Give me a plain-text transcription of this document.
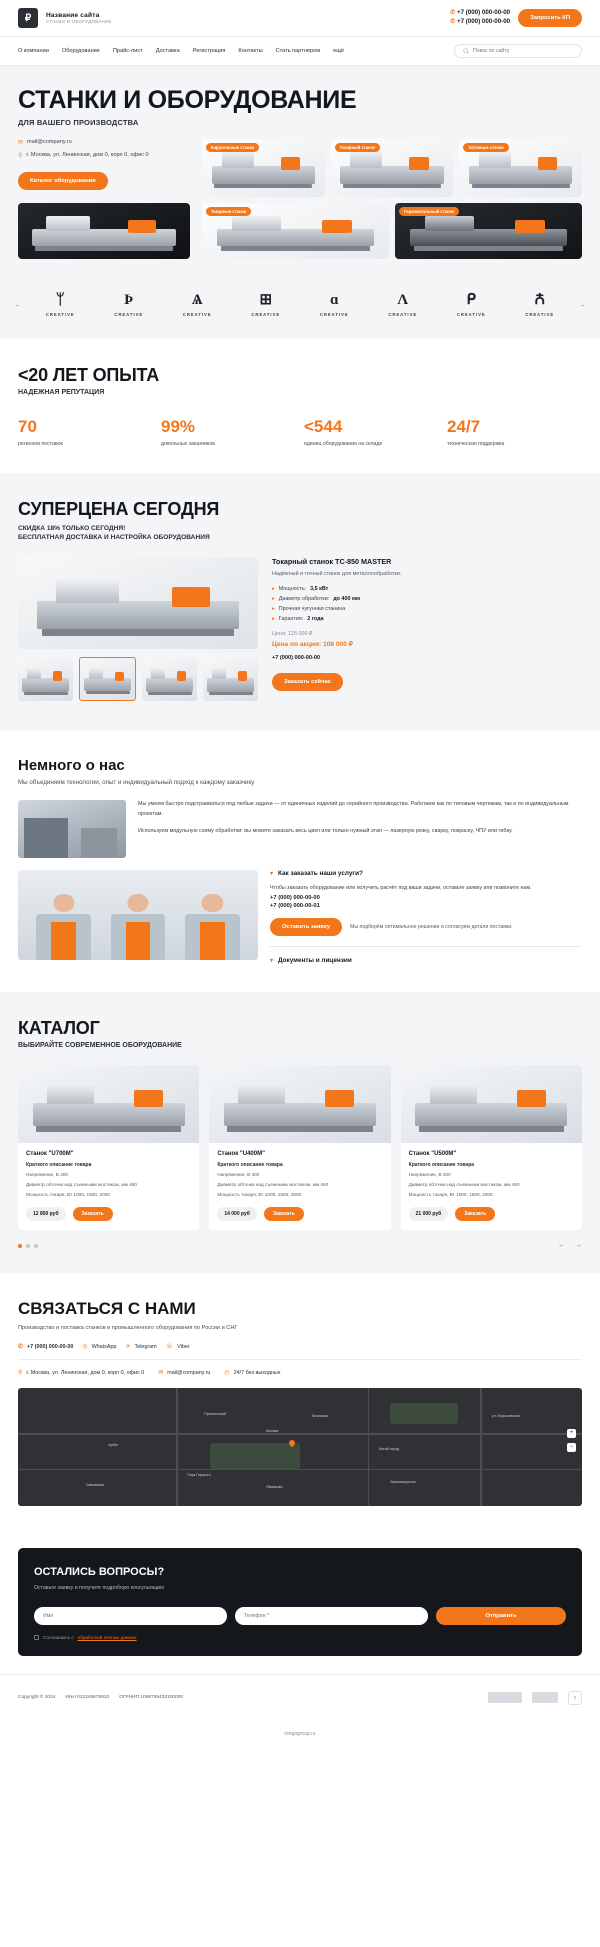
₽ Название сайта
СТАНКИ И ОБОРУДОВАНИЕ
✆ +7 (000) 000-00-00
✆ +7 (000) 000-00-00	Запросить КП
О компании Оборудование Прайс-лист Доставка Регистрация Контакты Стать партнером ещё
Поиск по сайту
СТАНКИ И ОБОРУДОВАНИЕ
ДЛЯ ВАШЕГО ПРОИЗВОДСТВА
✉ mail@company.ru
⚲ г. Москва, ул. Ленинская, дом 0, корп 0, офис 0
Каталог оборудования
Карусельные станки	Токарный станок	Заточные станки
Токарные станки	Горизонтальный станок
←	ᛘ
CREATIVE
Þ
CREATIVE
Ѧ
CREATIVE
⊞
CREATIVE
ɑ
CREATIVE
Λ
CREATIVE
ᑭ
CREATIVE
Ꙉ
CREATIVE
→
<20 ЛЕТ ОПЫТА
НАДЕЖНАЯ РЕПУТАЦИЯ
70
регионов поставок
99%
довольных заказчиков
<544
единиц оборудования на складе
24/7
техническая поддержка
СУПЕРЦЕНА СЕГОДНЯ
СКИДКА 18% ТОЛЬКО СЕГОДНЯ!
БЕСПЛАТНАЯ ДОСТАВКА И НАСТРОЙКА ОБОРУДОВАНИЯ
Токарный станок TC-850 MASTER
Надёжный и точный станок для металлообработки.
▸ Мощность: 3,5 кВт
▸ Диаметр обработки: до 400 мм
▸ Прочная чугунная станина
▸ Гарантия: 2 года
Цена: 125 000 ₽
Цена по акции: 108 000 ₽
+7 (000) 000-00-00
Заказать сейчас
Немного о нас
Мы объединяем технологии, опыт и индивидуальный подход к каждому заказчику
Мы умеем быстро подстраиваться под любые задачи — от единичных изделий до серийного производства. Работаем как по типовым чертежам, так и по индивидуальным проектам.
Используем модульную схему обработки: вы можете заказать весь цикл или только нужный этап — лазерную резку, сварку, покраску, ЧПУ или гибку.
▾ Как заказать наши услуги?
Чтобы заказать оборудование или получить расчёт под ваши задачи, оставьте заявку или позвоните нам.
+7 (000) 000-00-00
+7 (000) 000-00-01
Оставить заявку	Мы подберём оптимальное решение и согласуем детали поставки.
▾ Документы и лицензии
КАТАЛОГ
ВЫБИРАЙТЕ СОВРЕМЕННОЕ ОБОРУДОВАНИЕ
Станок "U700M"
Краткого описание товара
Напряжение, В 400
Диаметр обточки над съемными мостиком, мм 460
Мощность токаря, Вт 1000, 1500, 2000
12 850 руб	Заказать
Станок "U400M"
Краткого описание товара
Напряжение, В 400
Диаметр обточки над съемными мостиком, мм 460
Мощность токаря, Вт 1000, 1500, 2000
14 000 руб	Заказать
Станок "U500M"
Краткого описание товара
Напряжение, В 400
Диаметр обточки над съемными мостиком, мм 460
Мощность токаря, Вт 1000, 1500, 2000
21 000 руб	Заказать
← →
СВЯЗАТЬСЯ С НАМИ
Производство и поставка станков и промышленного оборудования по России и СНГ
✆ +7 (000) 000-00-00 ◎ WhatsApp ✈ Telegram ☏ Viber
⚲ г. Москва, ул. Ленинская, дом 0, корп 0, офис 0 ✉ mail@company.ru ◴ 24/7 без выходных
Москва
ул. Моросовская
Таганская
Парк Горького
Китай-город
Пресненский
Арбат
Якиманка
Замоскворечье
Хамовники
+
−
ОСТАЛИСЬ ВОПРОСЫ?
Оставьте заявку и получите подробную консультацию
Имя
Телефон *
Отправить
Соглашаюсь с обработкой личных данных
Copyright © 2024 ИНН 012345678910 ОГРНИП 1098765432100000	↑
megagroup.ru
